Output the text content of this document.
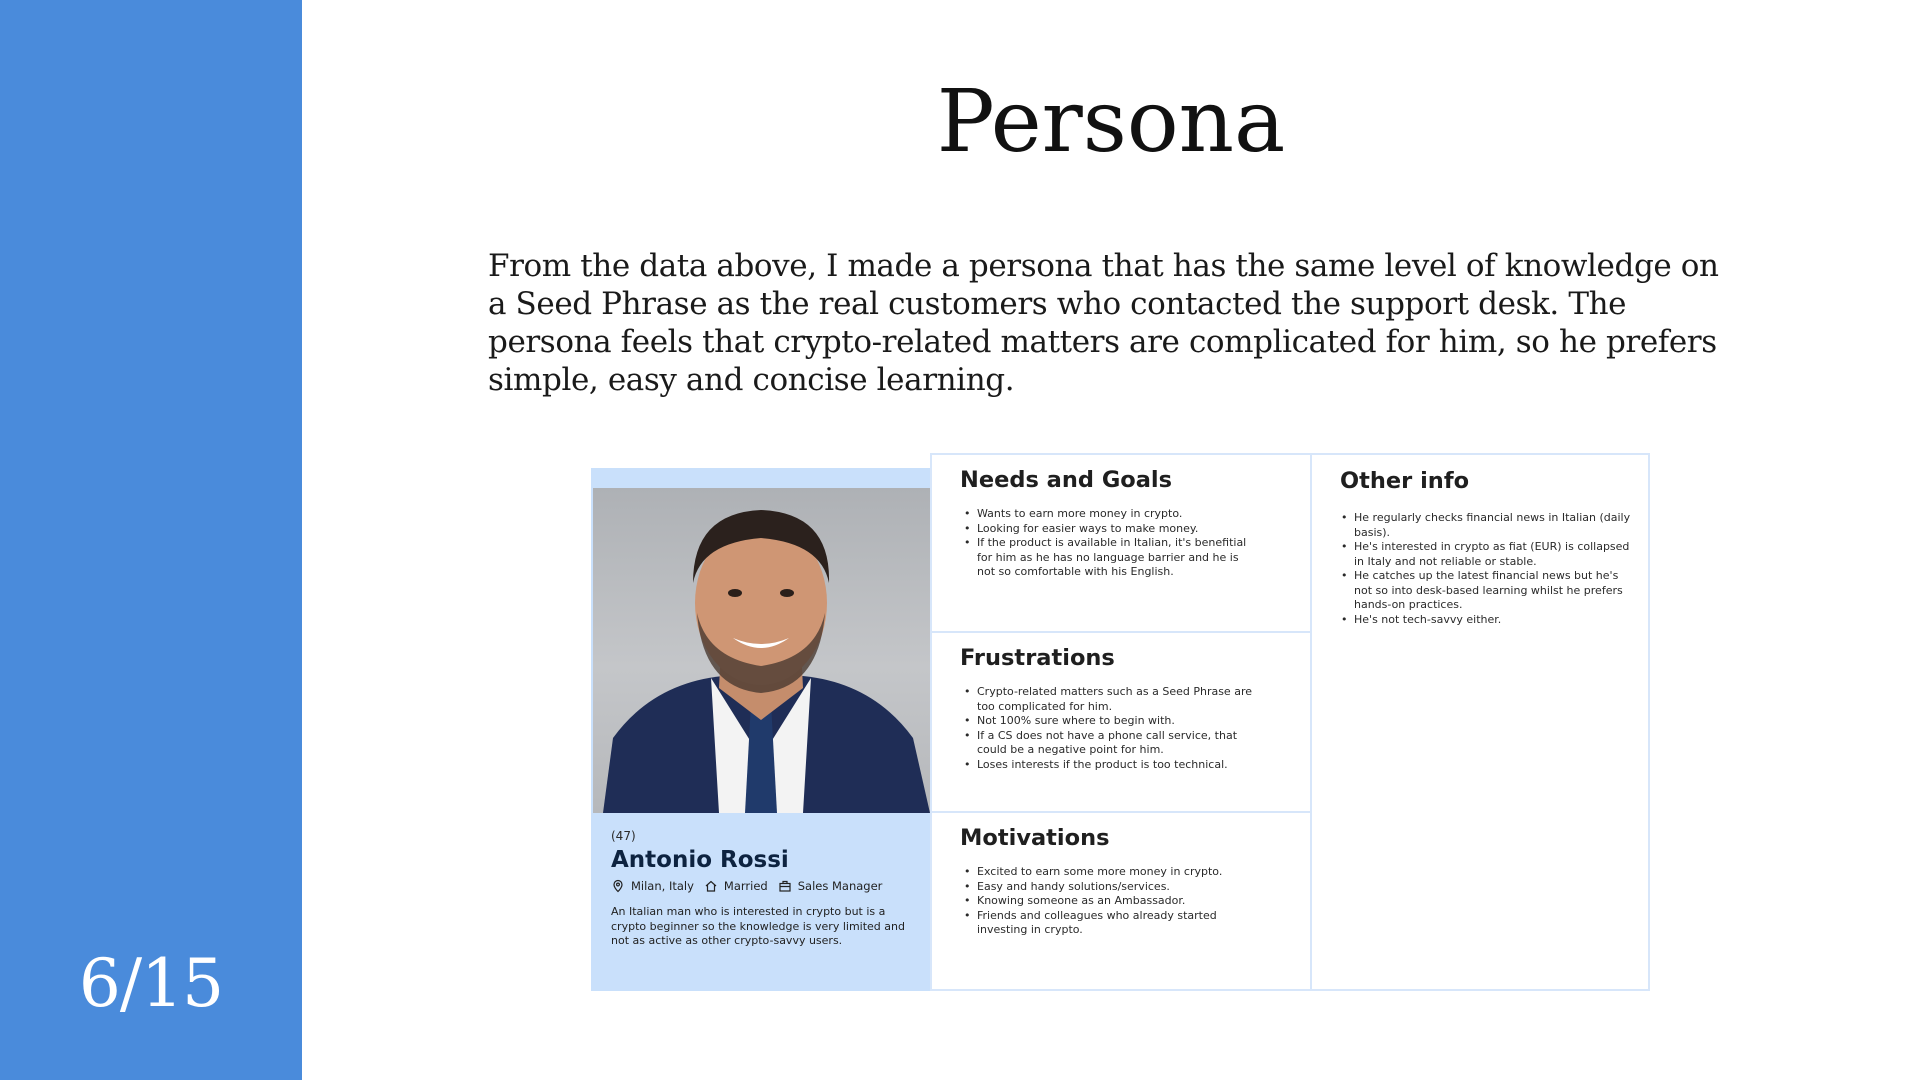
6/15
Persona

From the data above, I made a persona that has the same level of knowledge on a Seed Phrase as the real customers who contacted the support desk. The persona feels that crypto-related matters are complicated for him, so he prefers simple, easy and concise learning.

(47)
Antonio Rossi
Milan, Italy	Married	Sales Manager

An Italian man who is interested in crypto but is a crypto beginner so the knowledge is very limited and not as active as other crypto-savvy users.

Needs and Goals
• Wants to earn more money in crypto.
• Looking for easier ways to make money.
• If the product is available in Italian, it's benefitial for him as he has no language barrier and he is not so comfortable with his English.
Frustrations
• Crypto-related matters such as a Seed Phrase are too complicated for him.
• Not 100% sure where to begin with.
• If a CS does not have a phone call service, that could be a negative point for him.
• Loses interests if the product is too technical.
Motivations
• Excited to earn some more money in crypto.
• Easy and handy solutions/services.
• Knowing someone as an Ambassador.
• Friends and colleagues who already started investing in crypto.
Other info
• He regularly checks financial news in Italian (daily basis).
• He's interested in crypto as fiat (EUR) is collapsed in Italy and not reliable or stable.
• He catches up the latest financial news but he's not so into desk-based learning whilst he prefers hands-on practices.
• He's not tech-savvy either.
